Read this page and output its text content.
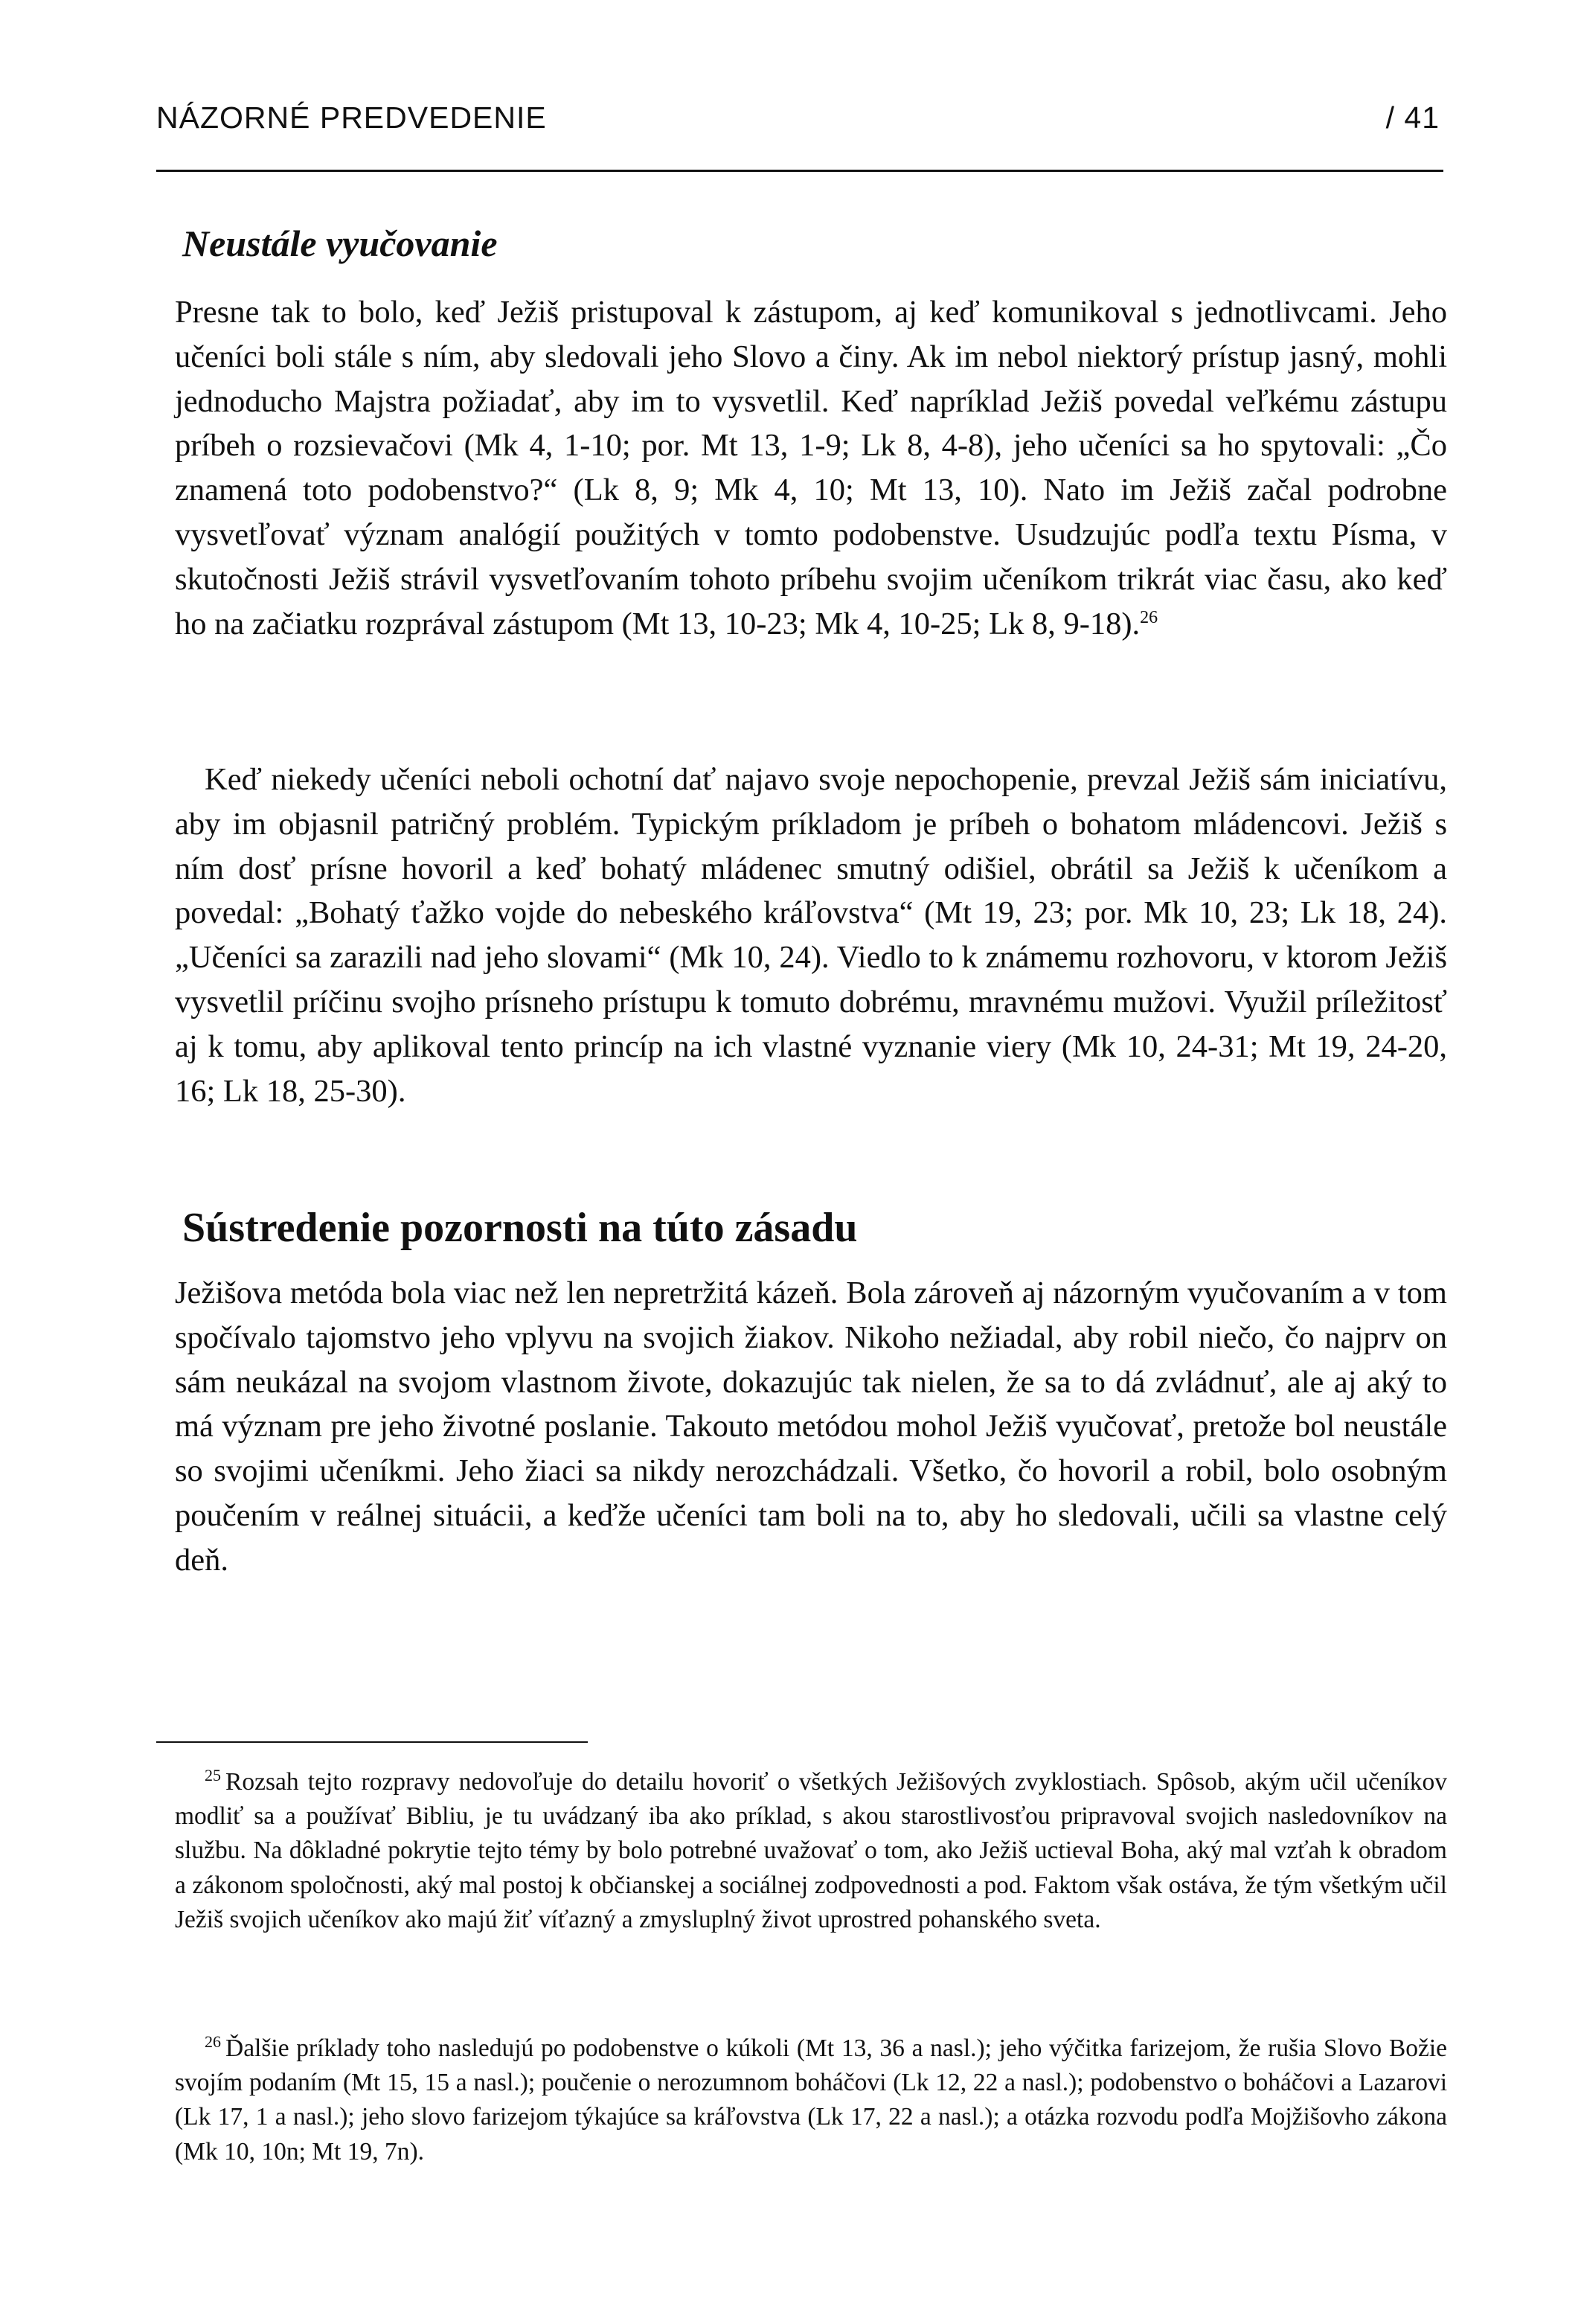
NÁZORNÉ PREDVEDENIE	/ 41
Neustále vyučovanie

Presne tak to bolo, keď Ježiš pristupoval k zástupom, aj keď komunikoval s jednotlivcami. Jeho učeníci boli stále s ním, aby sledovali jeho Slovo a činy. Ak im nebol niektorý prístup jasný, mohli jednoducho Majstra požiadať, aby im to vysvetlil. Keď napríklad Ježiš povedal veľkému zástupu príbeh o rozsievačovi (Mk 4, 1-10; por. Mt 13, 1-9; Lk 8, 4-8), jeho učeníci sa ho spytovali: „Čo znamená toto podobenstvo?“ (Lk 8, 9; Mk 4, 10; Mt 13, 10). Nato im Ježiš začal podrobne vysvetľovať význam analógií použitých v tomto podobenstve. Usudzujúc podľa textu Písma, v skutočnosti Ježiš strávil vysvetľovaním tohoto príbehu svojim učeníkom trikrát viac času, ako keď ho na začiatku rozprával zástupom (Mt 13, 10-23; Mk 4, 10-25; Lk 8, 9-18).$^{26}$

Keď niekedy učeníci neboli ochotní dať najavo svoje nepochopenie, prevzal Ježiš sám iniciatívu, aby im objasnil patričný problém. Typickým príkladom je príbeh o bohatom mládencovi. Ježiš s ním dosť prísne hovoril a keď bohatý mládenec smutný odišiel, obrátil sa Ježiš k učeníkom a povedal: „Bohatý ťažko vojde do nebeského kráľovstva“ (Mt 19, 23; por. Mk 10, 23; Lk 18, 24). „Učeníci sa zarazili nad jeho slovami“ (Mk 10, 24). Viedlo to k známemu rozhovoru, v ktorom Ježiš vysvetlil príčinu svojho prísneho prístupu k tomuto dobrému, mravnému mužovi. Využil príležitosť aj k tomu, aby aplikoval tento princíp na ich vlastné vyznanie viery (Mk 10, 24-31; Mt 19, 24-20, 16; Lk 18, 25-30).

Sústredenie pozornosti na túto zásadu

Ježišova metóda bola viac než len nepretržitá kázeň. Bola zároveň aj názorným vyučovaním a v tom spočívalo tajomstvo jeho vplyvu na svojich žiakov. Nikoho nežiadal, aby robil niečo, čo najprv on sám neukázal na svojom vlastnom živote, dokazujúc tak nielen, že sa to dá zvládnuť, ale aj aký to má význam pre jeho životné poslanie. Takouto metódou mohol Ježiš vyučovať, pretože bol neustále so svojimi učeníkmi. Jeho žiaci sa nikdy nerozchádzali. Všetko, čo hovoril a robil, bolo osobným poučením v reálnej situácii, a keďže učeníci tam boli na to, aby ho sledovali, učili sa vlastne celý deň.

$^{25}$ Rozsah tejto rozpravy nedovoľuje do detailu hovoriť o všetkých Ježišových zvyklostiach. Spôsob, akým učil učeníkov modliť sa a používať Bibliu, je tu uvádzaný iba ako príklad, s akou starostlivosťou pripravoval svojich nasledovníkov na službu. Na dôkladné pokrytie tejto témy by bolo potrebné uvažovať o tom, ako Ježiš uctieval Boha, aký mal vzťah k obradom a zákonom spoločnosti, aký mal postoj k občianskej a sociálnej zodpovednosti a pod. Faktom však ostáva, že tým všetkým učil Ježiš svojich učeníkov ako majú žiť víťazný a zmysluplný život uprostred pohanského sveta.

$^{26}$ Ďalšie príklady toho nasledujú po podobenstve o kúkoli (Mt 13, 36 a nasl.); jeho výčitka farizejom, že rušia Slovo Božie svojím podaním (Mt 15, 15 a nasl.); poučenie o nerozumnom boháčovi (Lk 12, 22 a nasl.); podobenstvo o boháčovi a Lazarovi (Lk 17, 1 a nasl.); jeho slovo farizejom týkajúce sa kráľovstva (Lk 17, 22 a nasl.); a otázka rozvodu podľa Mojžišovho zákona (Mk 10, 10n; Mt 19, 7n).
